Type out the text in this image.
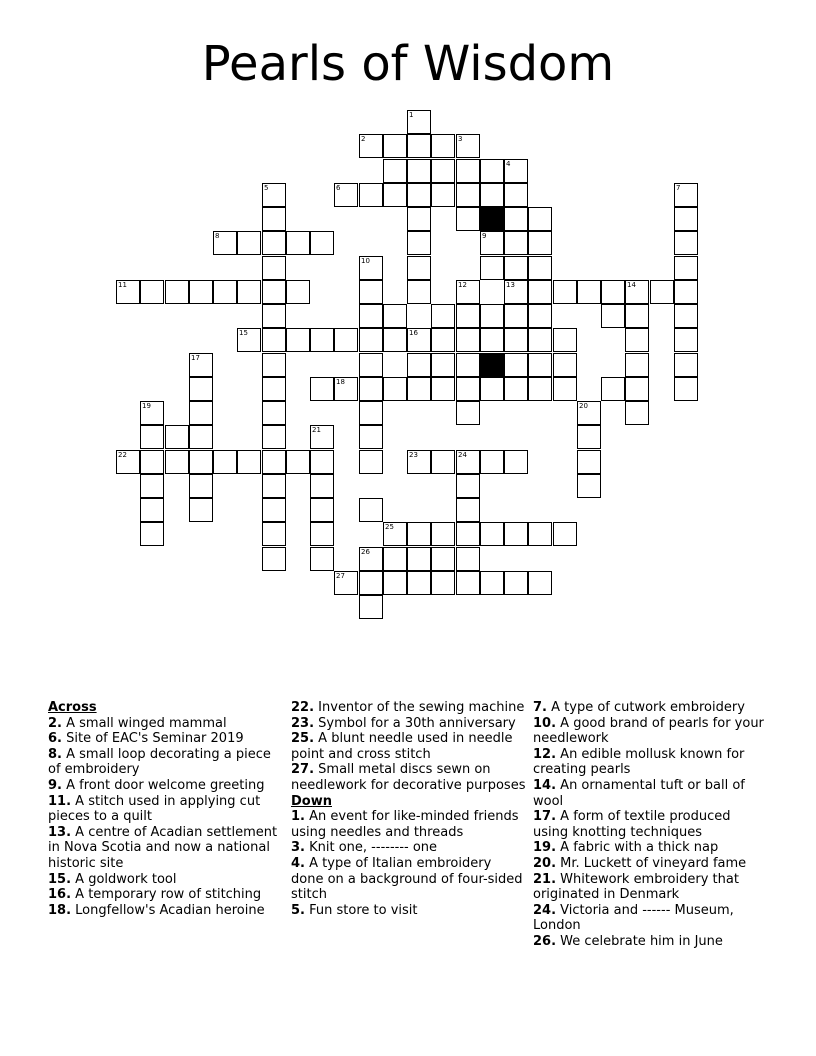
Pearls of Wisdom
1
2	3
4
13
5	6	7
8	9
10
11	12	14
15	16
17
18
19	20
21
22	23	24
25
26
27

Across

2. A small winged mammal

6. Site of EAC's Seminar 2019

8. A small loop decorating a piece of embroidery

9. A front door welcome greeting

11. A stitch used in applying cut pieces to a quilt

13. A centre of Acadian settlement in Nova Scotia and now a national historic site

15. A goldwork tool

16. A temporary row of stitching

18. Longfellow's Acadian heroine

22. Inventor of the sewing machine

23. Symbol for a 30th anniversary

25. A blunt needle used in needle point and cross stitch

27. Small metal discs sewn on needlework for decorative purposes

Down

1. An event for like-minded friends using needles and threads

3. Knit one, -------- one

4. A type of Italian embroidery done on a background of four-sided stitch

5. Fun store to visit

7. A type of cutwork embroidery

10. A good brand of pearls for your needlework

12. An edible mollusk known for creating pearls

14. An ornamental tuft or ball of wool

17. A form of textile produced using knotting techniques

19. A fabric with a thick nap

20. Mr. Luckett of vineyard fame

21. Whitework embroidery that originated in Denmark

24. Victoria and ------ Museum, London

26. We celebrate him in June
